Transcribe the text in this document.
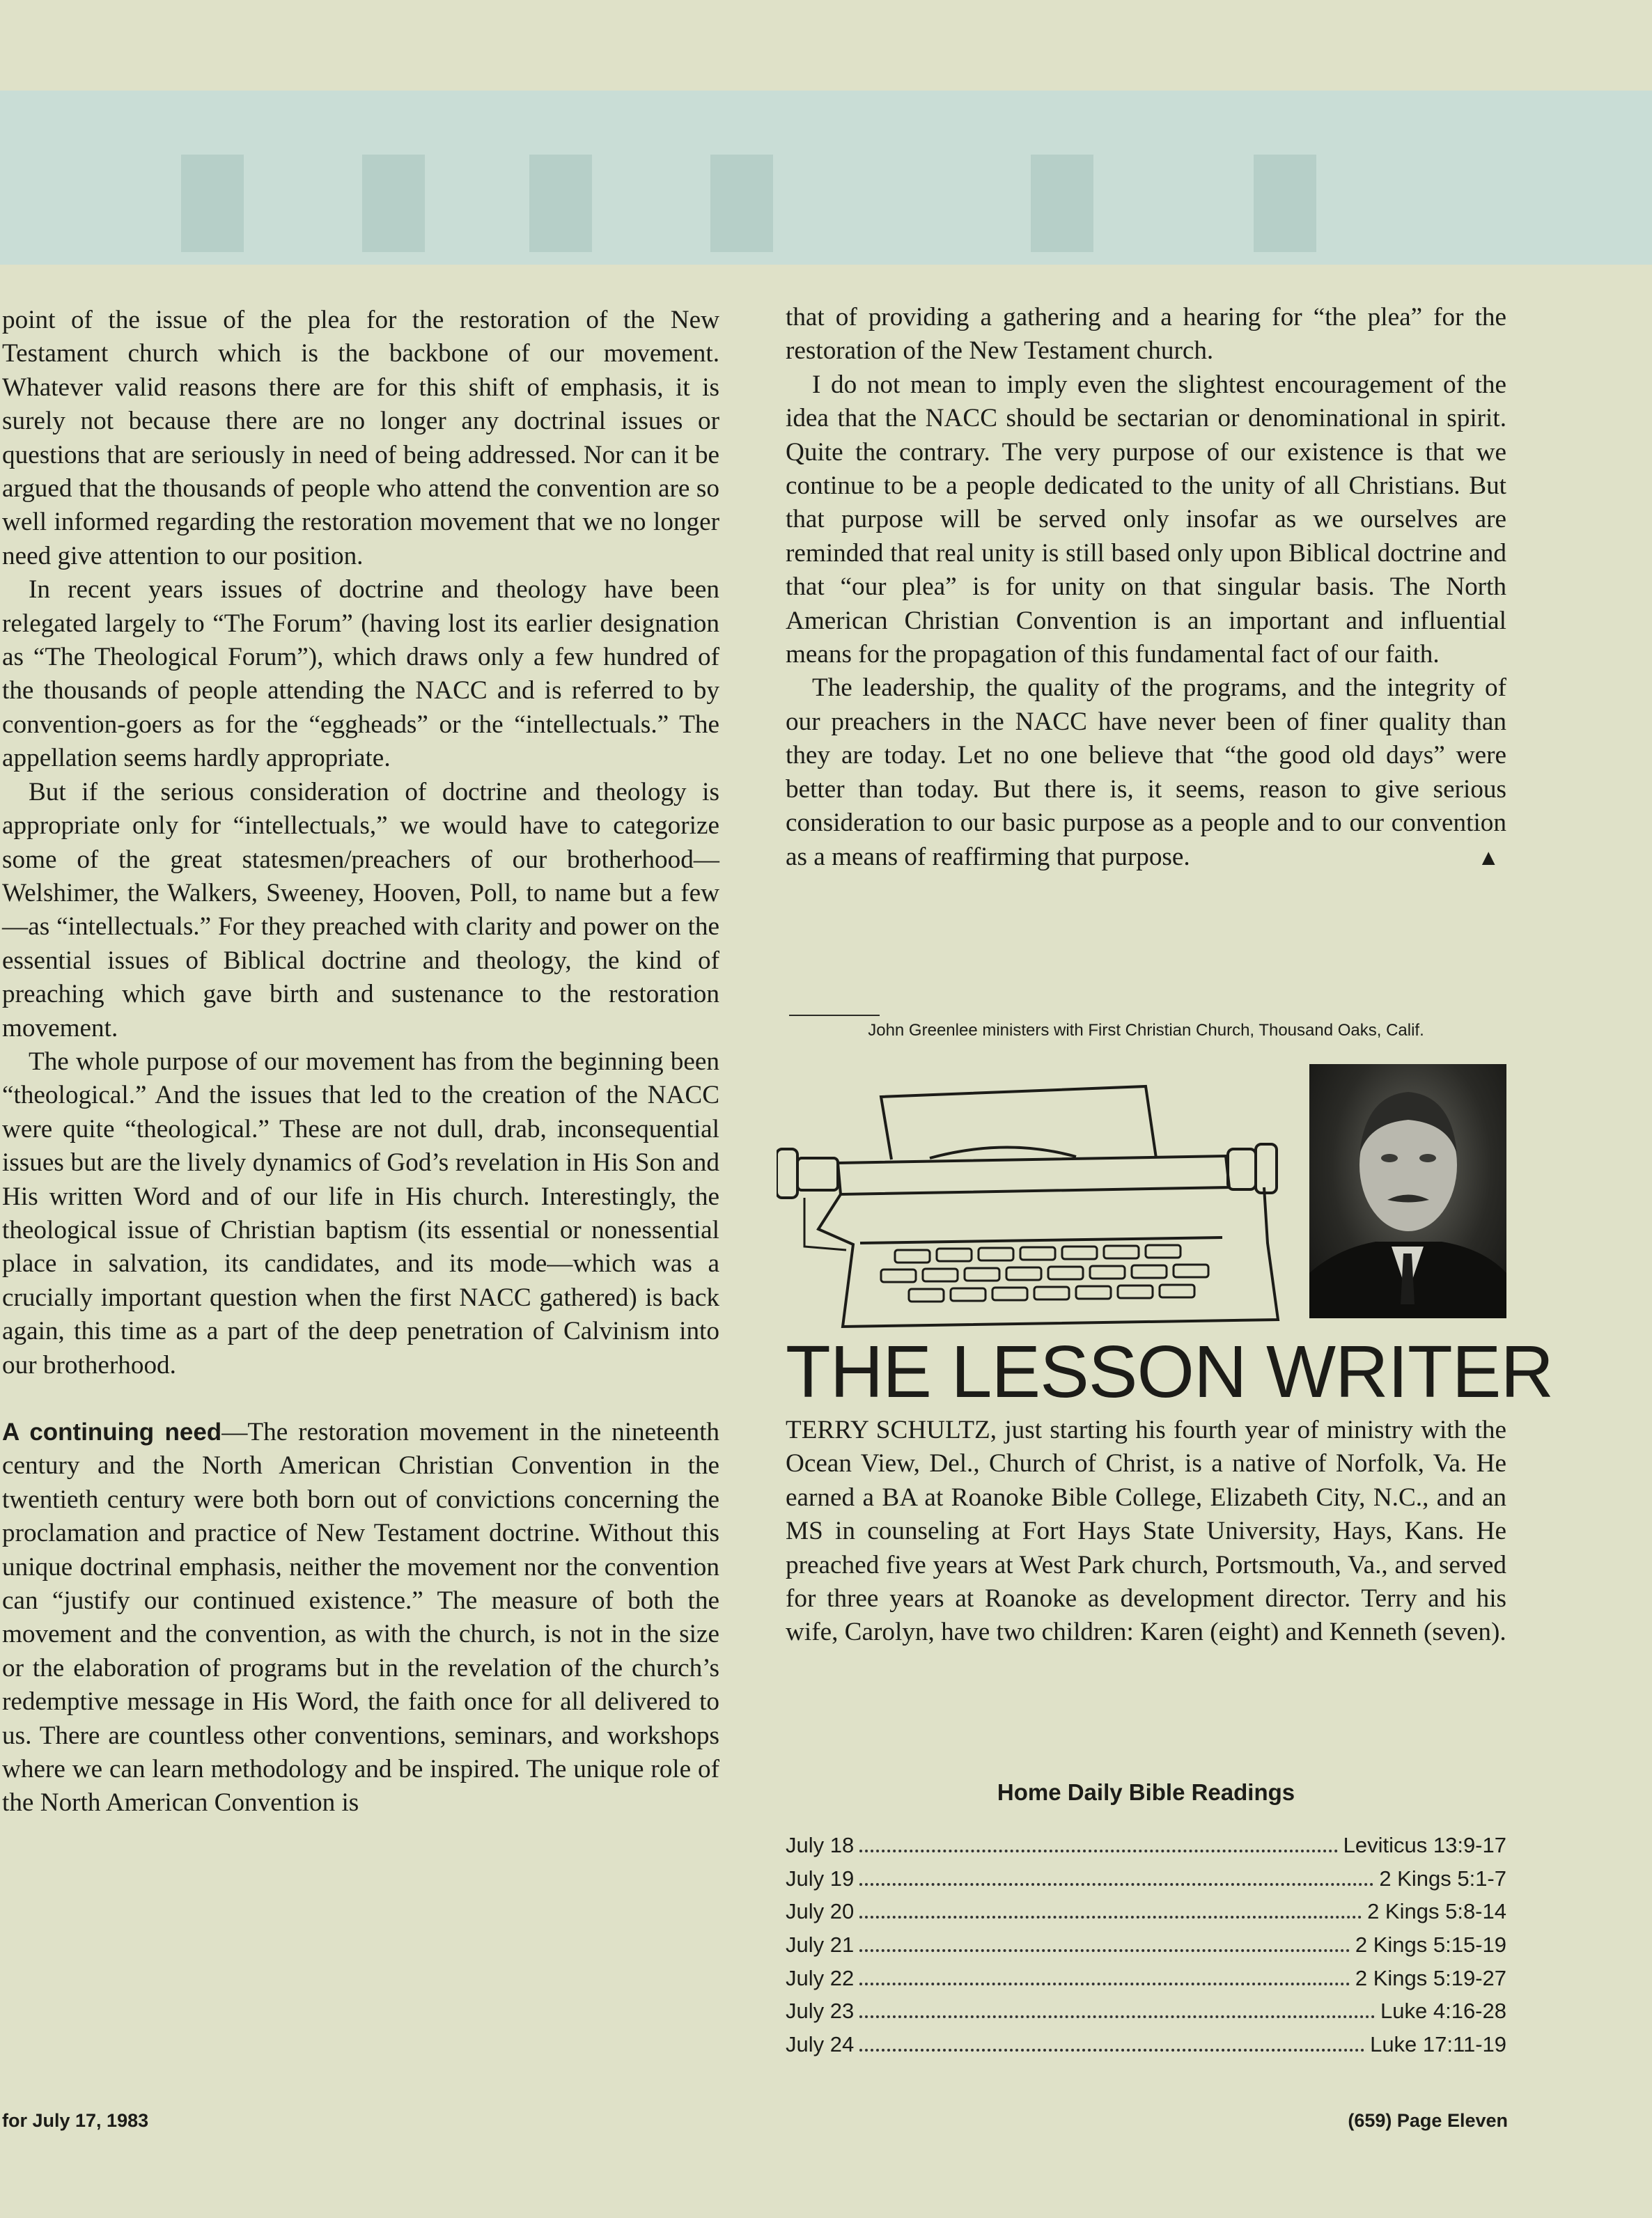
point of the issue of the plea for the restoration of the New Testament church which is the backbone of our movement. Whatever valid reasons there are for this shift of emphasis, it is surely not because there are no longer any doctrinal issues or questions that are seriously in need of being addressed. Nor can it be argued that the thousands of people who attend the convention are so well informed regarding the restoration movement that we no longer need give attention to our position.

In recent years issues of doctrine and theology have been relegated largely to “The Forum” (having lost its earlier designation as “The Theological Forum”), which draws only a few hundred of the thousands of people attending the NACC and is referred to by convention-goers as for the “eggheads” or the “intellectuals.” The appellation seems hardly appropriate.

But if the serious consideration of doctrine and theology is appropriate only for “intellectuals,” we would have to categorize some of the great statesmen/preachers of our brotherhood—Welshimer, the Walkers, Sweeney, Hooven, Poll, to name but a few—as “intellectuals.” For they preached with clarity and power on the essential issues of Biblical doctrine and theology, the kind of preaching which gave birth and sustenance to the restoration movement.

The whole purpose of our movement has from the beginning been “theological.” And the issues that led to the creation of the NACC were quite “theological.” These are not dull, drab, inconsequential issues but are the lively dynamics of God’s revelation in His Son and His written Word and of our life in His church. Interestingly, the theological issue of Christian baptism (its essential or nonessential place in salvation, its candidates, and its mode—which was a crucially important question when the first NACC gathered) is back again, this time as a part of the deep penetration of Calvinism into our brotherhood.

A continuing need—The restoration movement in the nineteenth century and the North American Christian Convention in the twentieth century were both born out of convictions concerning the proclamation and practice of New Testament doctrine. Without this unique doctrinal emphasis, neither the movement nor the convention can “justify our continued existence.” The measure of both the movement and the convention, as with the church, is not in the size or the elaboration of programs but in the revelation of the church’s redemptive message in His Word, the faith once for all delivered to us. There are countless other conventions, seminars, and workshops where we can learn methodology and be inspired. The unique role of the North American Convention is

that of providing a gathering and a hearing for “the plea” for the restoration of the New Testament church.

I do not mean to imply even the slightest encouragement of the idea that the NACC should be sectarian or denominational in spirit. Quite the contrary. The very purpose of our existence is that we continue to be a people dedicated to the unity of all Christians. But that purpose will be served only insofar as we ourselves are reminded that real unity is still based only upon Biblical doctrine and that “our plea” is for unity on that singular basis. The North American Christian Convention is an important and influential means for the propagation of this fundamental fact of our faith.

The leadership, the quality of the programs, and the integrity of our preachers in the NACC have never been of finer quality than they are today. Let no one believe that “the good old days” were better than today. But there is, it seems, reason to give serious consideration to our basic purpose as a people and to our convention as a means of reaffirming that purpose.	▲

John Greenlee ministers with First Christian Church, Thousand Oaks, Calif.
THE LESSON WRITER

TERRY SCHULTZ, just starting his fourth year of ministry with the Ocean View, Del., Church of Christ, is a native of Norfolk, Va. He earned a BA at Roanoke Bible College, Elizabeth City, N.C., and an MS in counseling at Fort Hays State University, Hays, Kans. He preached five years at West Park church, Portsmouth, Va., and served for three years at Roanoke as development director. Terry and his wife, Carolyn, have two children: Karen (eight) and Kenneth (seven).

Home Daily Bible Readings
July 18	Leviticus 13:9-17
July 19	2 Kings 5:1-7
July 20	2 Kings 5:8-14
July 21	2 Kings 5:15-19
July 22	2 Kings 5:19-27
July 23	Luke 4:16-28
July 24	Luke 17:11-19
for July 17, 1983	(659) Page Eleven
